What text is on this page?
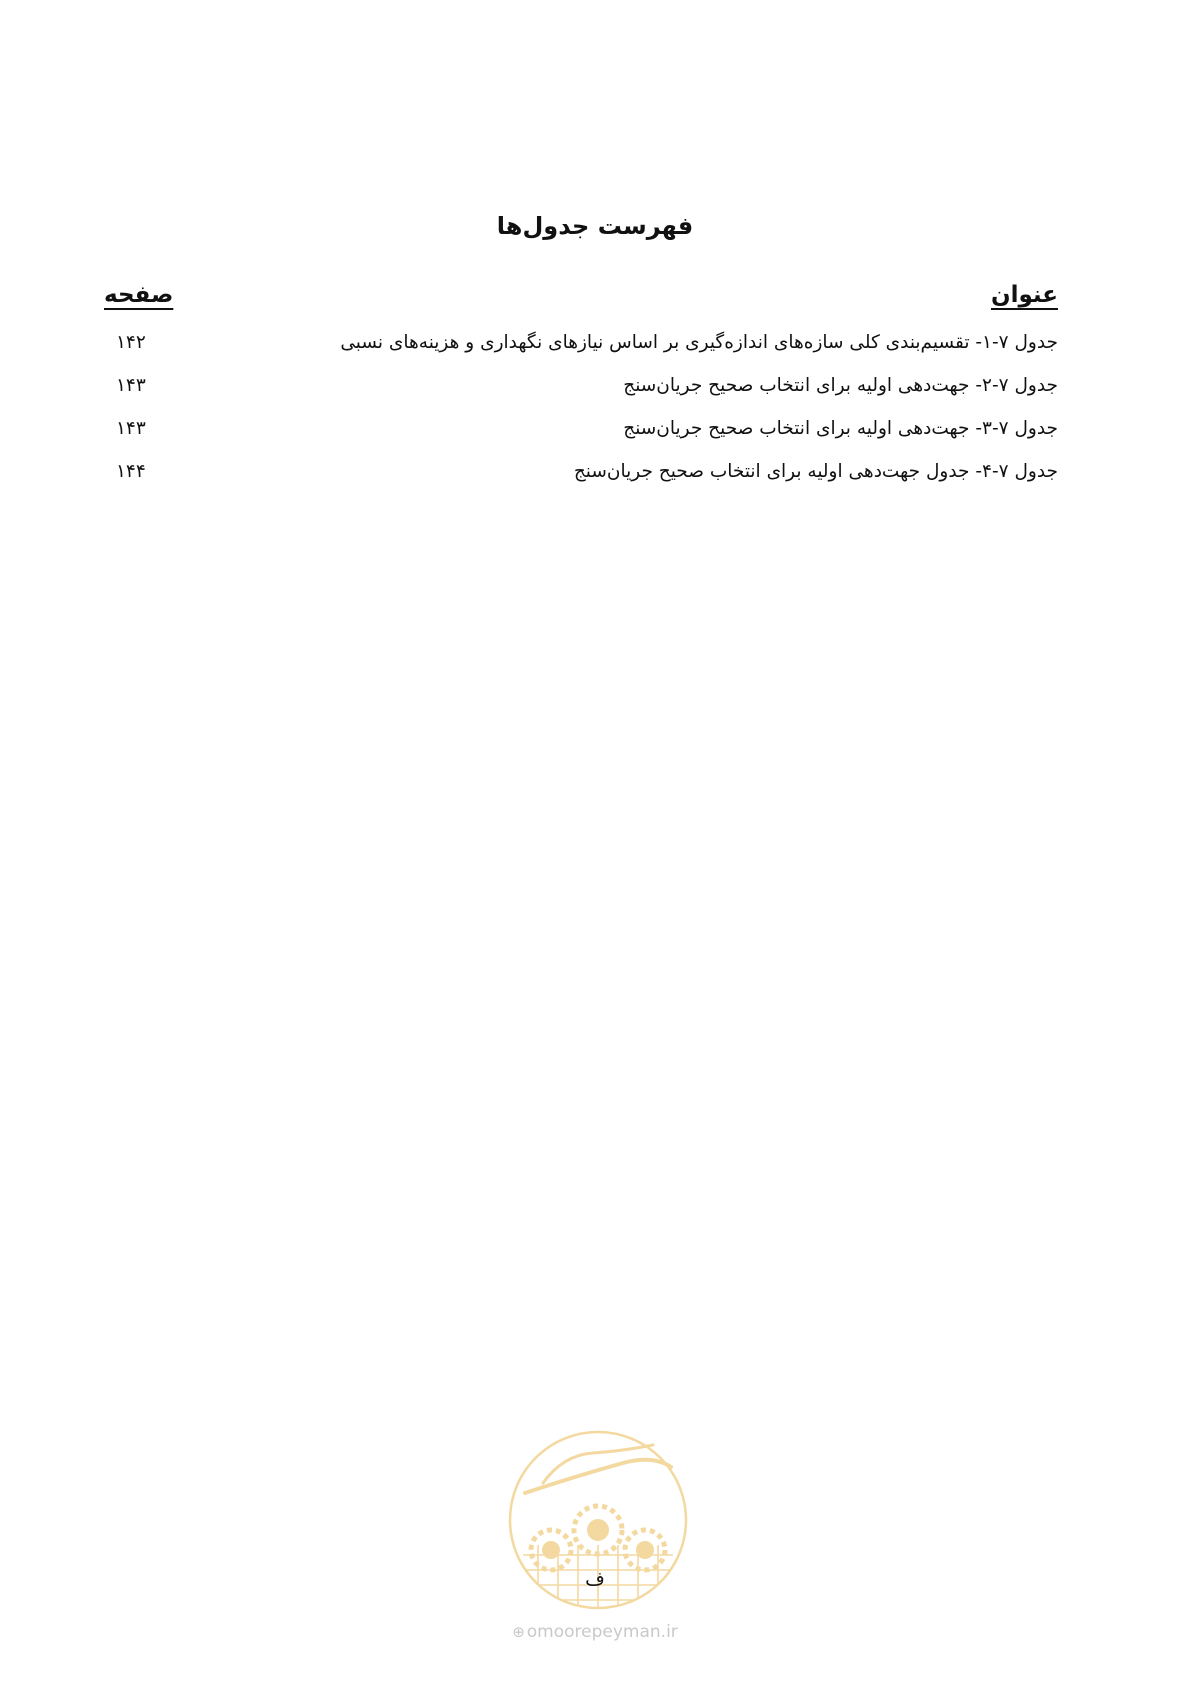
فهرست جدول‌ها
عنوان
صفحه
جدول ۷-۱- تقسیم‌بندی کلی سازه‌های اندازه‌گیری بر اساس نیازهای نگهداری و هزینه‌های نسبی
۱۴۲
جدول ۷-۲- جهت‌دهی اولیه برای انتخاب صحیح جریان‌سنج
۱۴۳
جدول ۷-۳- جهت‌دهی اولیه برای انتخاب صحیح جریان‌سنج
۱۴۳
جدول ۷-۴- جدول جهت‌دهی اولیه برای انتخاب صحیح جریان‌سنج
۱۴۴
ف
⊕ omoorepeyman.ir
